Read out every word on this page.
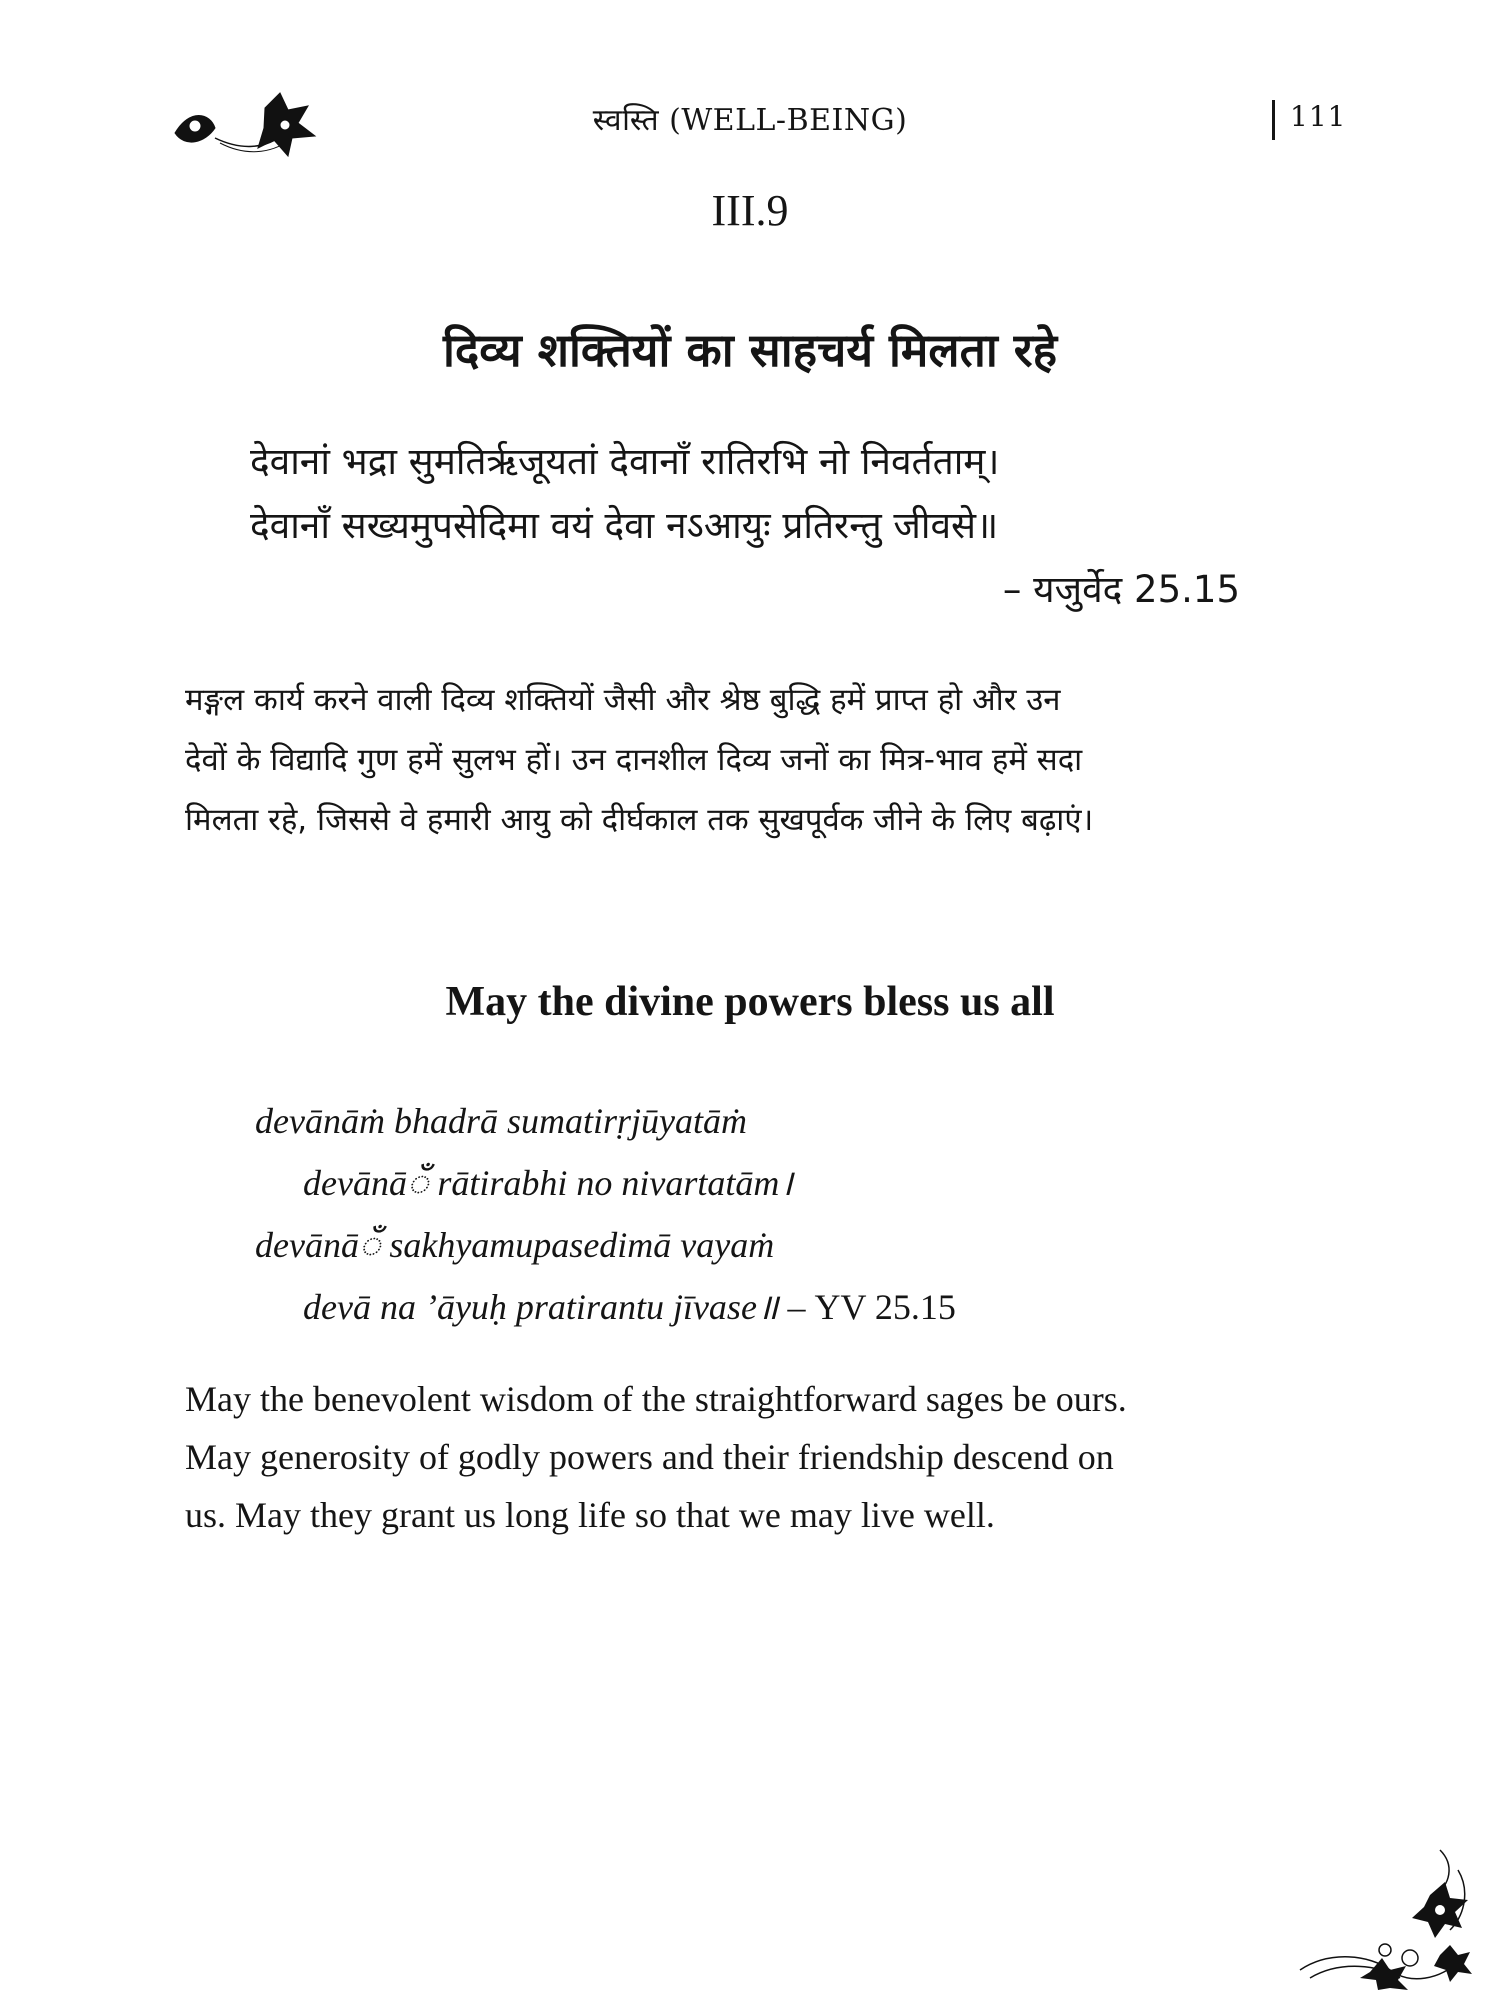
स्वस्ति (WELL-BEING)	111
III.9
दिव्य शक्तियों का साहचर्य मिलता रहे
देवानां भद्रा सुमतिर्ऋजूयतां देवानाॅं रातिरभि नो निवर्तताम्।
देवानाॅं सख्यमुपसेदिमा वयं देवा नऽआयुः प्रतिरन्तु जीवसे॥
– यजुर्वेद 25.15
मङ्गल कार्य करने वाली दिव्य शक्तियों जैसी और श्रेष्ठ बुद्धि हमें प्राप्त हो और उन
देवों के विद्यादि गुण हमें सुलभ हों। उन दानशील दिव्य जनों का मित्र-भाव हमें सदा
मिलता रहे, जिससे वे हमारी आयु को दीर्घकाल तक सुखपूर्वक जीने के लिए बढ़ाएं।
May the divine powers bless us all
devānāṁ bhadrā sumatirṛjūyatāṁ
devānāॅं rātirabhi no nivartatām।
devānāॅं sakhyamupasedimā vayaṁ
devā na ’āyuḥ pratirantu jīvase॥ – YV 25.15
May the benevolent wisdom of the straightforward sages be ours.
May generosity of godly powers and their friendship descend on
us. May they grant us long life so that we may live well.
